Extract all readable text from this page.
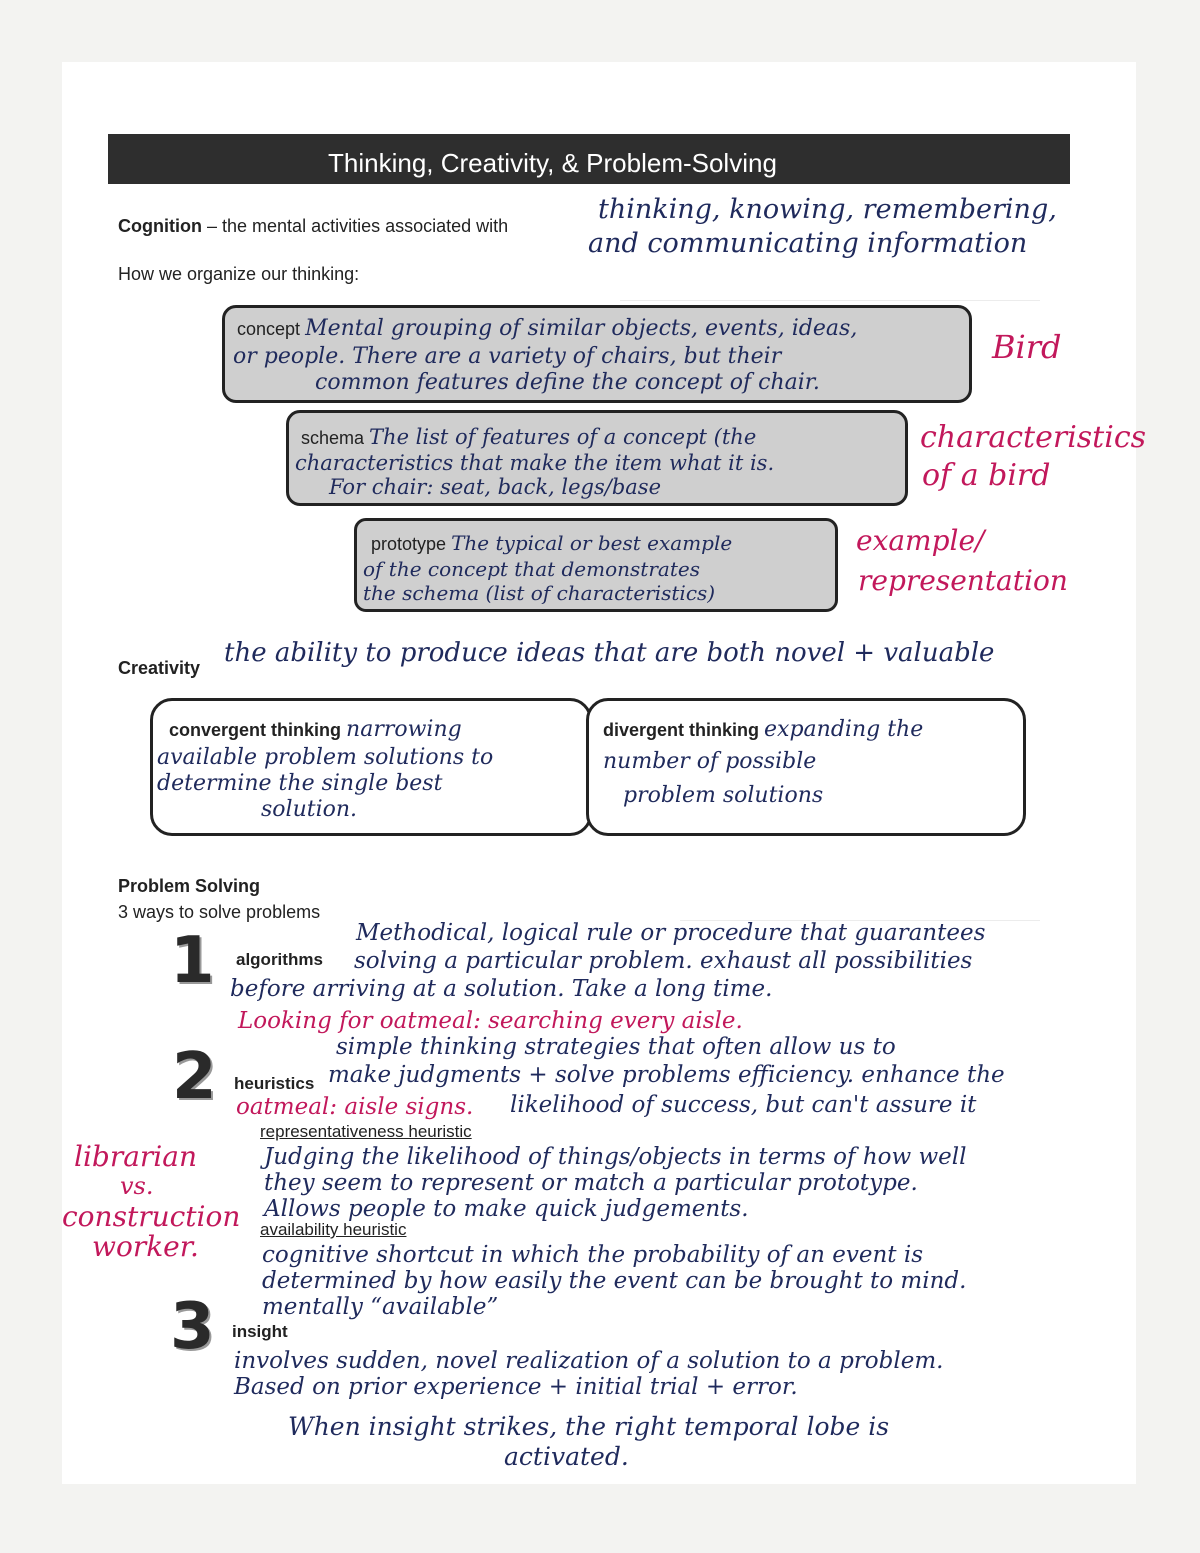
Thinking, Creativity, & Problem-Solving
Cognition – the mental activities associated with
thinking, knowing, remembering,
and communicating information
How we organize our thinking:
concept Mental grouping of similar objects, events, ideas,
or people. There are a variety of chairs, but their
common features define the concept of chair.
Bird
schema The list of features of a concept (the
characteristics that make the item what it is.
For chair: seat, back, legs/base
characteristics
of a bird
prototype The typical or best example
of the concept that demonstrates
the schema (list of characteristics)
example/
representation
Creativity the ability to produce ideas that are both novel + valuable
convergent thinking narrowing
available problem solutions to
determine the single best
solution.
divergent thinking expanding the
number of possible
problem solutions
Problem Solving
3 ways to solve problems
1 algorithms
Methodical, logical rule or procedure that guarantees
solving a particular problem. exhaust all possibilities
before arriving at a solution. Take a long time.
Looking for oatmeal: searching every aisle.
2	simple thinking strategies that often allow us to
heuristics make judgments + solve problems efficiency. enhance the
oatmeal: aisle signs. likelihood of success, but can't assure it
representativeness heuristic
Judging the likelihood of things/objects in terms of how well
they seem to represent or match a particular prototype.
Allows people to make quick judgements.
librarian
vs.
construction
worker.
availability heuristic
cognitive shortcut in which the probability of an event is
determined by how easily the event can be brought to mind.
mentally “available”
3 insight
involves sudden, novel realization of a solution to a problem.
Based on prior experience + initial trial + error.
When insight strikes, the right temporal lobe is
activated.
